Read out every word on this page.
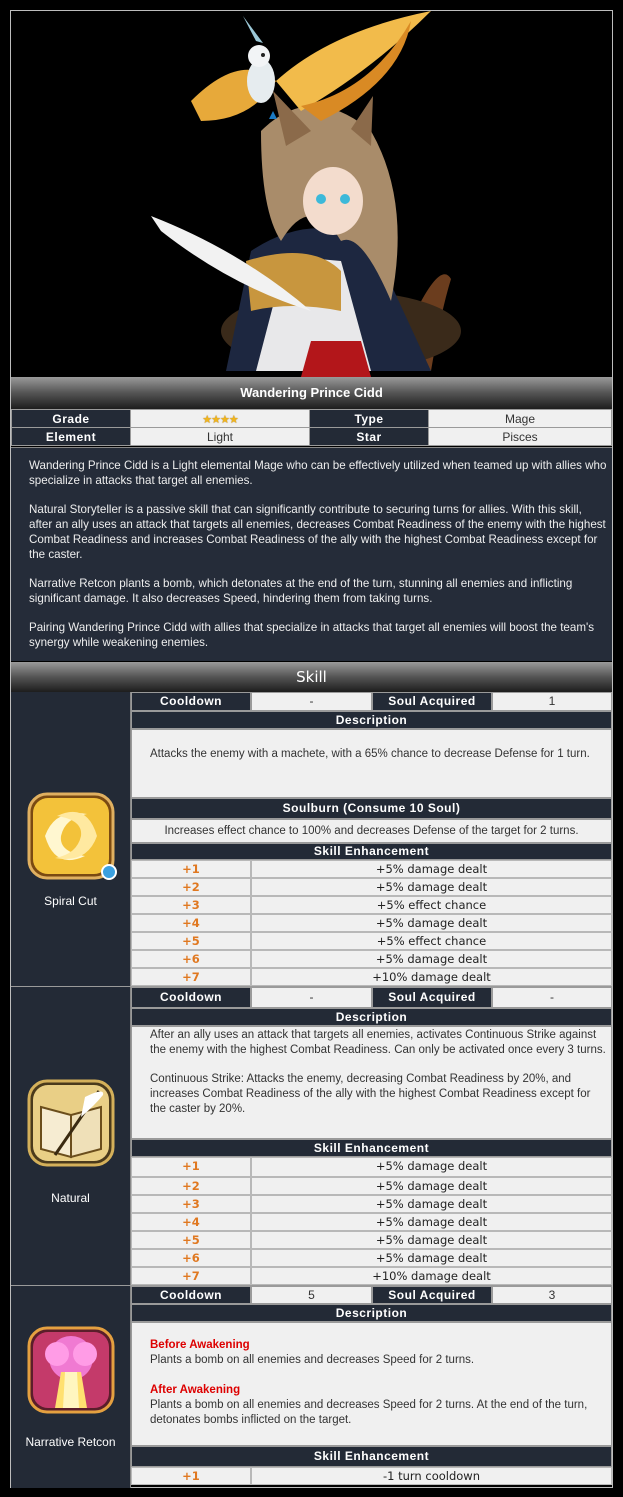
Wandering Prince Cidd
Grade	★★★★	Type	Mage
Element	Light	Star	Pisces

Wandering Prince Cidd is a Light elemental Mage who can be effectively utilized when teamed up with allies who specialize in attacks that target all enemies.

Natural Storyteller is a passive skill that can significantly contribute to securing turns for allies. With this skill, after an ally uses an attack that targets all enemies, decreases Combat Readiness of the enemy with the highest Combat Readiness and increases Combat Readiness of the ally with the highest Combat Readiness except for the caster.

Narrative Retcon plants a bomb, which detonates at the end of the turn, stunning all enemies and inflicting significant damage. It also decreases Speed, hindering them from taking turns.

Pairing Wandering Prince Cidd with allies that specialize in attacks that target all enemies will boost the team's synergy while weakening enemies.

Skill
Spiral Cut
Cooldown	-	Soul Acquired	1
Description
Attacks the enemy with a machete, with a 65% chance to decrease Defense for 1 turn.
Soulburn (Consume 10 Soul)
Increases effect chance to 100% and decreases Defense of the target for 2 turns.
Skill Enhancement
+1	+5% damage dealt
+2	+5% damage dealt
+3	+5% effect chance
+4	+5% damage dealt
+5	+5% effect chance
+6	+5% damage dealt
+7	+10% damage dealt
Natural
Cooldown	-	Soul Acquired	-
Description
After an ally uses an attack that targets all enemies, activates Continuous Strike against the enemy with the highest Combat Readiness. Can only be activated once every 3 turns.
Continuous Strike: Attacks the enemy, decreasing Combat Readiness by 20%, and increases Combat Readiness of the ally with the highest Combat Readiness except for the caster by 20%.
Skill Enhancement
+1	+5% damage dealt
+2	+5% damage dealt
+3	+5% damage dealt
+4	+5% damage dealt
+5	+5% damage dealt
+6	+5% damage dealt
+7	+10% damage dealt
Narrative Retcon
Cooldown	5	Soul Acquired	3
Description
Before Awakening
Plants a bomb on all enemies and decreases Speed for 2 turns.
After Awakening
Plants a bomb on all enemies and decreases Speed for 2 turns. At the end of the turn, detonates bombs inflicted on the target.
Skill Enhancement
+1	-1 turn cooldown
